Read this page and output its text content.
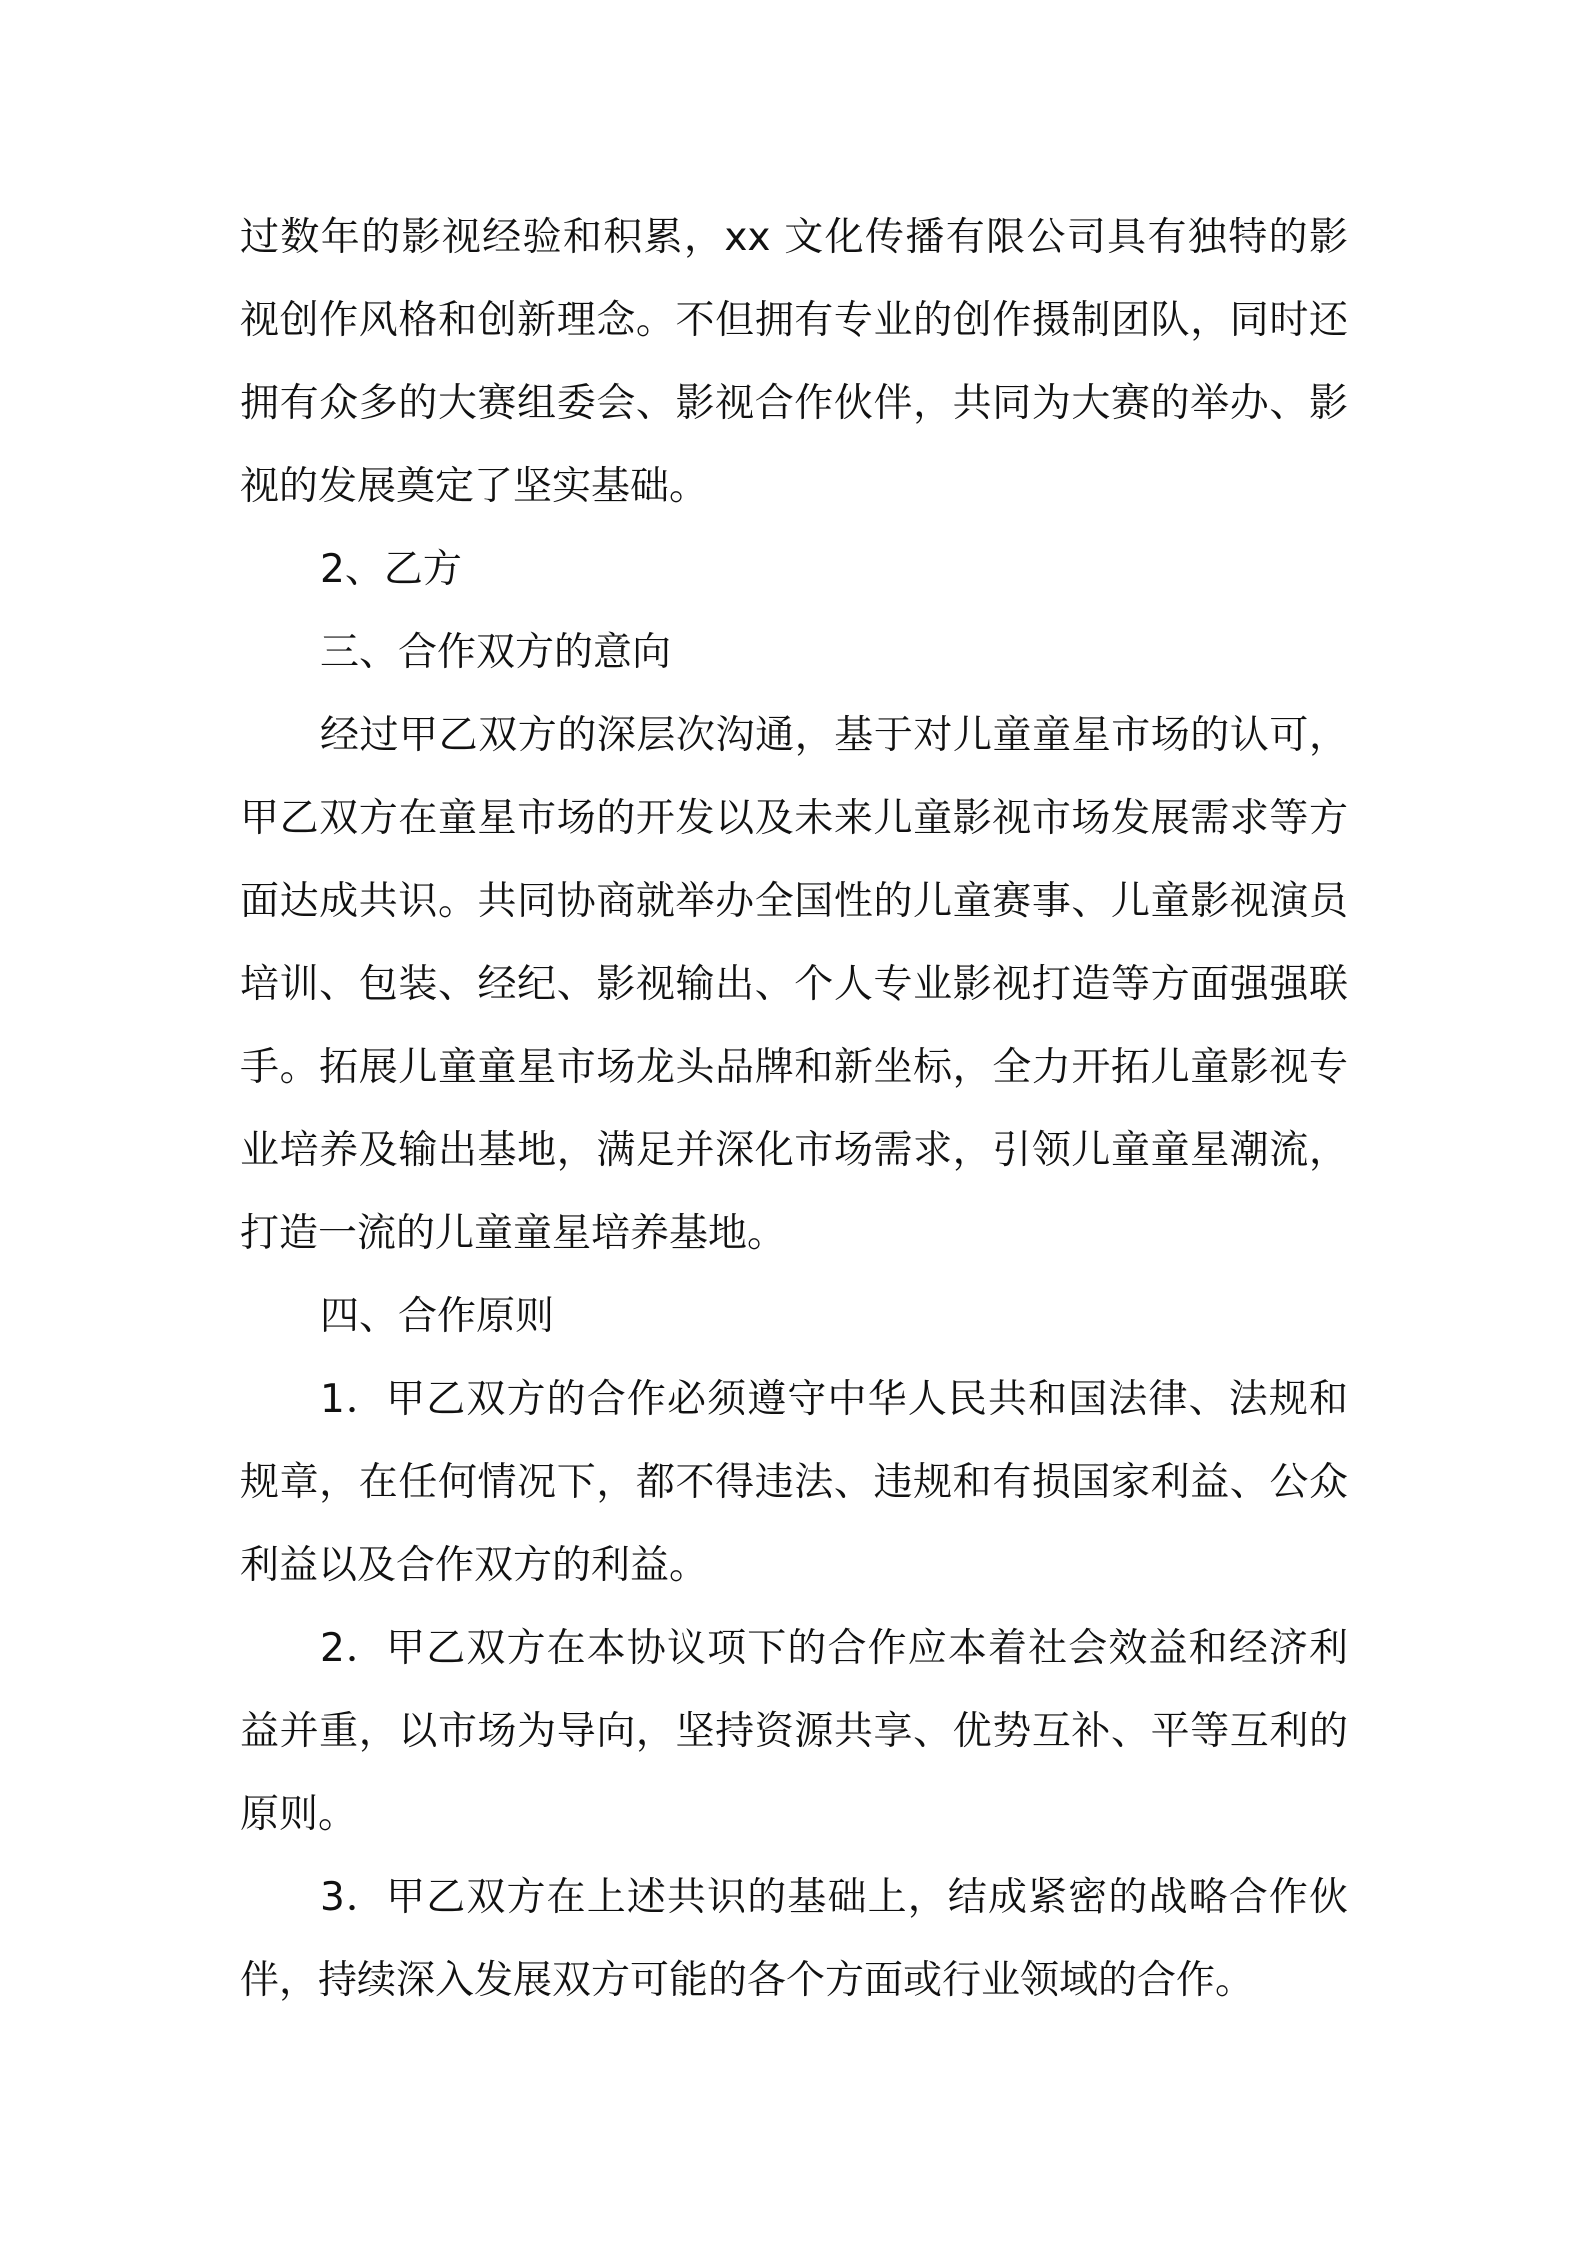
过数年的影视经验和积累，xx 文化传播有限公司具有独特的影视创作风格和创新理念。不但拥有专业的创作摄制团队，同时还拥有众多的大赛组委会、影视合作伙伴，共同为大赛的举办、影视的发展奠定了坚实基础。

2、乙方

三、合作双方的意向

经过甲乙双方的深层次沟通，基于对儿童童星市场的认可，甲乙双方在童星市场的开发以及未来儿童影视市场发展需求等方面达成共识。共同协商就举办全国性的儿童赛事、儿童影视演员培训、包装、经纪、影视输出、个人专业影视打造等方面强强联手。拓展儿童童星市场龙头品牌和新坐标，全力开拓儿童影视专业培养及输出基地，满足并深化市场需求，引领儿童童星潮流，打造一流的儿童童星培养基地。

四、合作原则

1．甲乙双方的合作必须遵守中华人民共和国法律、法规和规章，在任何情况下，都不得违法、违规和有损国家利益、公众利益以及合作双方的利益。

2．甲乙双方在本协议项下的合作应本着社会效益和经济利益并重，以市场为导向，坚持资源共享、优势互补、平等互利的原则。

3．甲乙双方在上述共识的基础上，结成紧密的战略合作伙伴，持续深入发展双方可能的各个方面或行业领域的合作。
